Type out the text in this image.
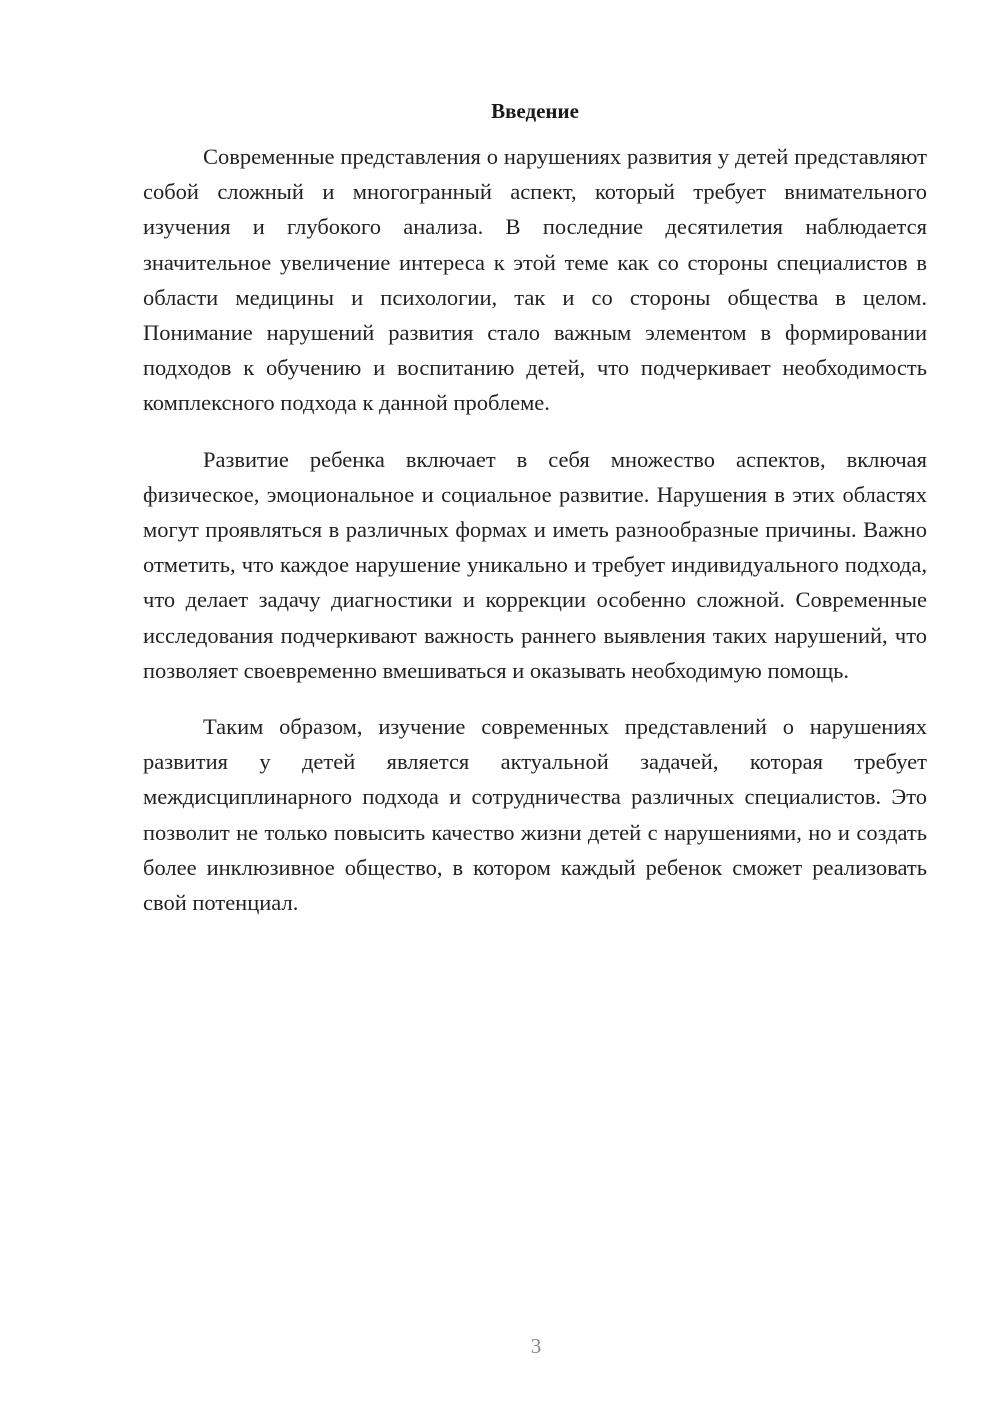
Введение

Современные представления о нарушениях развития у детей представляют собой сложный и многогранный аспект, который требует внимательного изучения и глубокого анализа. В последние десятилетия наблюдается значительное увеличение интереса к этой теме как со стороны специалистов в области медицины и психологии, так и со стороны общества в целом. Понимание нарушений развития стало важным элементом в формировании подходов к обучению и воспитанию детей, что подчеркивает необходимость комплексного подхода к данной проблеме.

Развитие ребенка включает в себя множество аспектов, включая физическое, эмоциональное и социальное развитие. Нарушения в этих областях могут проявляться в различных формах и иметь разнообразные причины. Важно отметить, что каждое нарушение уникально и требует индивидуального подхода, что делает задачу диагностики и коррекции особенно сложной. Современные исследования подчеркивают важность раннего выявления таких нарушений, что позволяет своевременно вмешиваться и оказывать необходимую помощь.

Таким образом, изучение современных представлений о нарушениях развития у детей является актуальной задачей, которая требует междисциплинарного подхода и сотрудничества различных специалистов. Это позволит не только повысить качество жизни детей с нарушениями, но и создать более инклюзивное общество, в котором каждый ребенок сможет реализовать свой потенциал.

3
